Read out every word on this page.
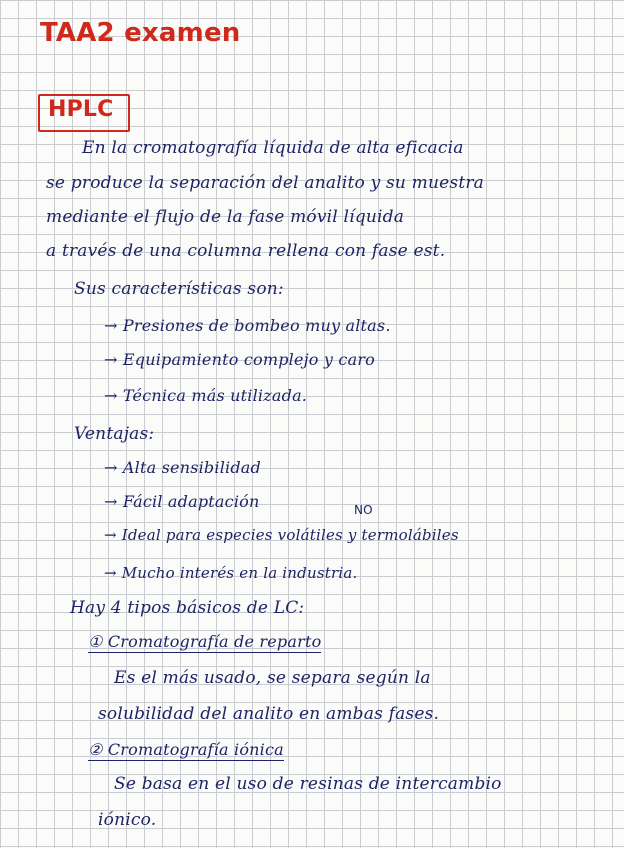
TAA2 examen
HPLC
En la cromatografía líquida de alta eficacia
se produce la separación del analito y su muestra
mediante el flujo de la fase móvil líquida
a través de una columna rellena con fase est.
Sus características son:
→ Presiones de bombeo muy altas.
→ Equipamiento complejo y caro
→ Técnica más utilizada.
Ventajas:
→ Alta sensibilidad
→ Fácil adaptación	NO
→ Ideal para especies volátiles y termolábiles
→ Mucho interés en la industria.
Hay 4 tipos básicos de LC:
① Cromatografía de reparto
Es el más usado, se separa según la
solubilidad del analito en ambas fases.
② Cromatografía iónica
Se basa en el uso de resinas de intercambio
iónico.
